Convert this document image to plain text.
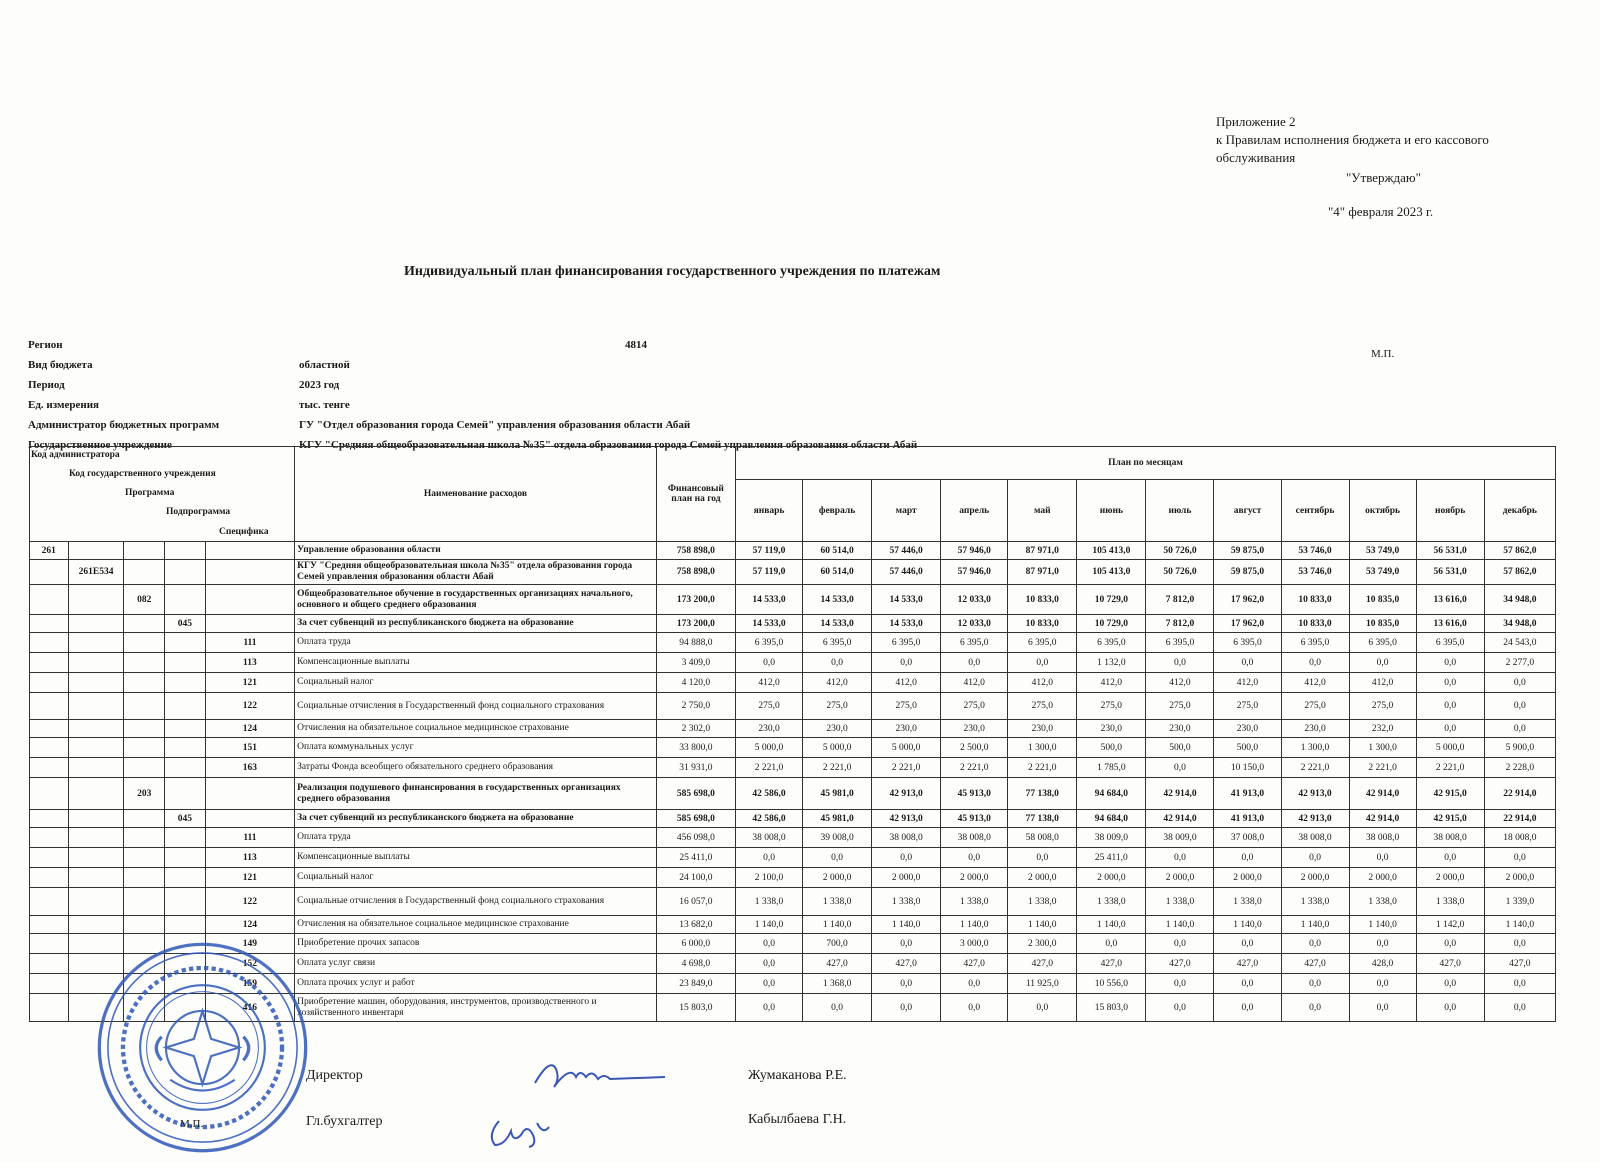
Приложение 2
к Правилам исполнения бюджета и его кассового обслуживания
"Утверждаю"
"4" февраля 2023 г.
Индивидуальный план финансирования государственного учреждения по платежам
М.П.
Регион	4814
Вид бюджета	областной
Период	2023 год
Ед. измерения	тыс. тенге
Администратор бюджетных программ	ГУ "Отдел образования города Семей" управления образования области Абай
Государственное учреждение	КГУ "Средняя общеобразовательная школа №35" отдела образования города Семей управления образования области Абай
Код администратора
Код государственного учреждения
Программа
Подпрограмма
Специфика					Наименование расходов	Финансовый план на год	План по месяцам											
							январь	февраль	март	апрель	май	июнь	июль	август	сентябрь	октябрь	ноябрь	декабрь
261					Управление образования области	758 898,0	57 119,0	60 514,0	57 446,0	57 946,0	87 971,0	105 413,0	50 726,0	59 875,0	53 746,0	53 749,0	56 531,0	57 862,0
	261E534				КГУ "Средняя общеобразовательная школа №35" отдела образования города Семей управления образования области Абай	758 898,0	57 119,0	60 514,0	57 446,0	57 946,0	87 971,0	105 413,0	50 726,0	59 875,0	53 746,0	53 749,0	56 531,0	57 862,0
		082			Общеобразовательное обучение в государственных организациях начального, основного и общего среднего образования	173 200,0	14 533,0	14 533,0	14 533,0	12 033,0	10 833,0	10 729,0	7 812,0	17 962,0	10 833,0	10 835,0	13 616,0	34 948,0
			045		За счет субвенций из республиканского бюджета на образование	173 200,0	14 533,0	14 533,0	14 533,0	12 033,0	10 833,0	10 729,0	7 812,0	17 962,0	10 833,0	10 835,0	13 616,0	34 948,0
				111	Оплата труда	94 888,0	6 395,0	6 395,0	6 395,0	6 395,0	6 395,0	6 395,0	6 395,0	6 395,0	6 395,0	6 395,0	6 395,0	24 543,0
				113	Компенсационные выплаты	3 409,0	0,0	0,0	0,0	0,0	0,0	1 132,0	0,0	0,0	0,0	0,0	0,0	2 277,0
				121	Социальный налог	4 120,0	412,0	412,0	412,0	412,0	412,0	412,0	412,0	412,0	412,0	412,0	0,0	0,0
				122	Социальные отчисления в Государственный фонд социального страхования	2 750,0	275,0	275,0	275,0	275,0	275,0	275,0	275,0	275,0	275,0	275,0	0,0	0,0
				124	Отчисления на обязательное социальное медицинское страхование	2 302,0	230,0	230,0	230,0	230,0	230,0	230,0	230,0	230,0	230,0	232,0	0,0	0,0
				151	Оплата коммунальных услуг	33 800,0	5 000,0	5 000,0	5 000,0	2 500,0	1 300,0	500,0	500,0	500,0	1 300,0	1 300,0	5 000,0	5 900,0
				163	Затраты Фонда всеобщего обязательного среднего образования	31 931,0	2 221,0	2 221,0	2 221,0	2 221,0	2 221,0	1 785,0	0,0	10 150,0	2 221,0	2 221,0	2 221,0	2 228,0
		203			Реализация подушевого финансирования в государственных организациях среднего образования	585 698,0	42 586,0	45 981,0	42 913,0	45 913,0	77 138,0	94 684,0	42 914,0	41 913,0	42 913,0	42 914,0	42 915,0	22 914,0
			045		За счет субвенций из республиканского бюджета на образование	585 698,0	42 586,0	45 981,0	42 913,0	45 913,0	77 138,0	94 684,0	42 914,0	41 913,0	42 913,0	42 914,0	42 915,0	22 914,0
				111	Оплата труда	456 098,0	38 008,0	39 008,0	38 008,0	38 008,0	58 008,0	38 009,0	38 009,0	37 008,0	38 008,0	38 008,0	38 008,0	18 008,0
				113	Компенсационные выплаты	25 411,0	0,0	0,0	0,0	0,0	0,0	25 411,0	0,0	0,0	0,0	0,0	0,0	0,0
				121	Социальный налог	24 100,0	2 100,0	2 000,0	2 000,0	2 000,0	2 000,0	2 000,0	2 000,0	2 000,0	2 000,0	2 000,0	2 000,0	2 000,0
				122	Социальные отчисления в Государственный фонд социального страхования	16 057,0	1 338,0	1 338,0	1 338,0	1 338,0	1 338,0	1 338,0	1 338,0	1 338,0	1 338,0	1 338,0	1 338,0	1 339,0
				124	Отчисления на обязательное социальное медицинское страхование	13 682,0	1 140,0	1 140,0	1 140,0	1 140,0	1 140,0	1 140,0	1 140,0	1 140,0	1 140,0	1 140,0	1 142,0	1 140,0
				149	Приобретение прочих запасов	6 000,0	0,0	700,0	0,0	3 000,0	2 300,0	0,0	0,0	0,0	0,0	0,0	0,0	0,0
				152	Оплата услуг связи	4 698,0	0,0	427,0	427,0	427,0	427,0	427,0	427,0	427,0	427,0	428,0	427,0	427,0
				159	Оплата прочих услуг и работ	23 849,0	0,0	1 368,0	0,0	0,0	11 925,0	10 556,0	0,0	0,0	0,0	0,0	0,0	0,0
				416	Приобретение машин, оборудования, инструментов, производственного и хозяйственного инвентаря	15 803,0	0,0	0,0	0,0	0,0	0,0	15 803,0	0,0	0,0	0,0	0,0	0,0	0,0
Директор	Жумаканова Р.Е.
Гл.бухгалтер	Кабылбаева Г.Н.
М.П.
